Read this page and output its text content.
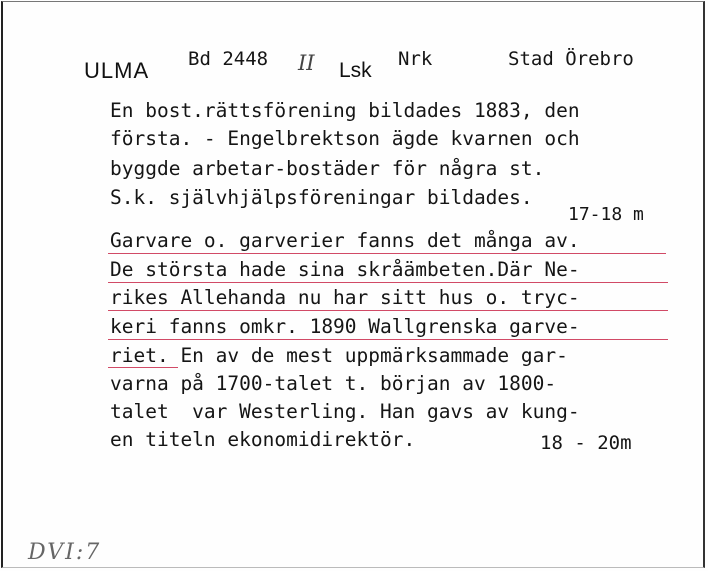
ULMA Bd 2448 II Lsk Nrk	Stad Örebro
En bost.rättsförening bildades 1883, den
första. - Engelbrektson ägde kvarnen och
byggde arbetar-bostäder för några st.
S.k. självhjälpsföreningar bildades.
17-18 m
Garvare o. garverier fanns det många av.
De största hade sina skråämbeten.Där Ne-
rikes Allehanda nu har sitt hus o. tryc-
keri fanns omkr. 1890 Wallgrenska garve-
riet. En av de mest uppmärksammade gar-
varna på 1700-talet t. början av 1800-
talet  var Westerling. Han gavs av kung-
en titeln ekonomidirektör.	18 - 20m
DVI:7
